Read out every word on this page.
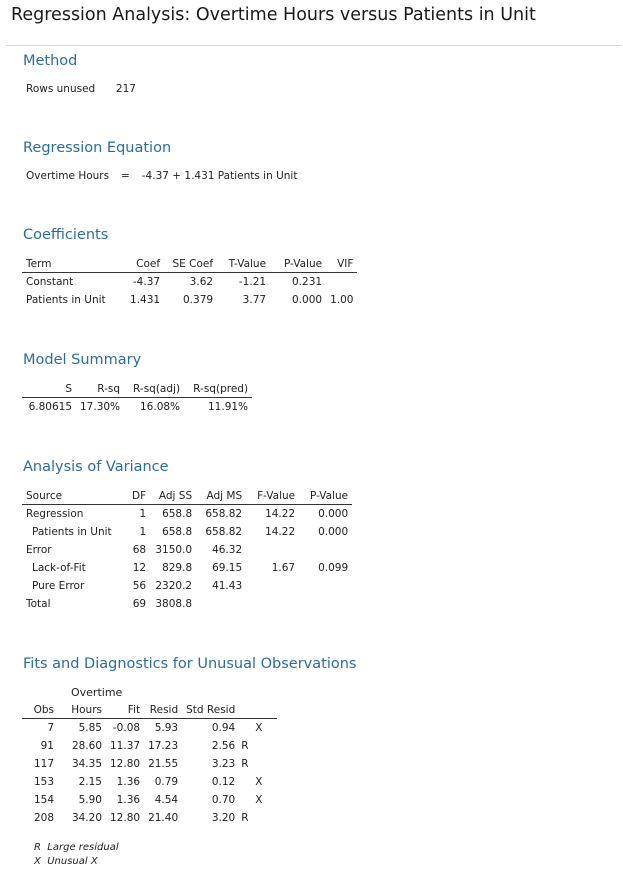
Regression Analysis: Overtime Hours versus Patients in Unit
Method
Rows unused 217
Regression Equation
Overtime Hours = -4.37 + 1.431 Patients in Unit
Coefficients
Term	Coef	SE Coef	T-Value	P-Value	VIF
Constant	-4.37	3.62	-1.21	0.231	
Patients in Unit	1.431	0.379	3.77	0.000	1.00
Model Summary
S	R-sq	R-sq(adj)	R-sq(pred)
6.80615	17.30%	16.08%	11.91%
Analysis of Variance
Source	DF	Adj SS	Adj MS	F-Value	P-Value
Regression	1	658.8	658.82	14.22	0.000
Patients in Unit	1	658.8	658.82	14.22	0.000
Error	68	3150.0	46.32		
Lack-of-Fit	12	829.8	69.15	1.67	0.099
Pure Error	56	2320.2	41.43		
Total	69	3808.8			
Fits and Diagnostics for Unusual Observations
Overtime
Obs	Hours	Fit	Resid	Std Resid	
7	5.85	-0.08	5.93	0.94	X
91	28.60	11.37	17.23	2.56	R
117	34.35	12.80	21.55	3.23	R
153	2.15	1.36	0.79	0.12	X
154	5.90	1.36	4.54	0.70	X
208	34.20	12.80	21.40	3.20	R
R  Large residual
X  Unusual X
